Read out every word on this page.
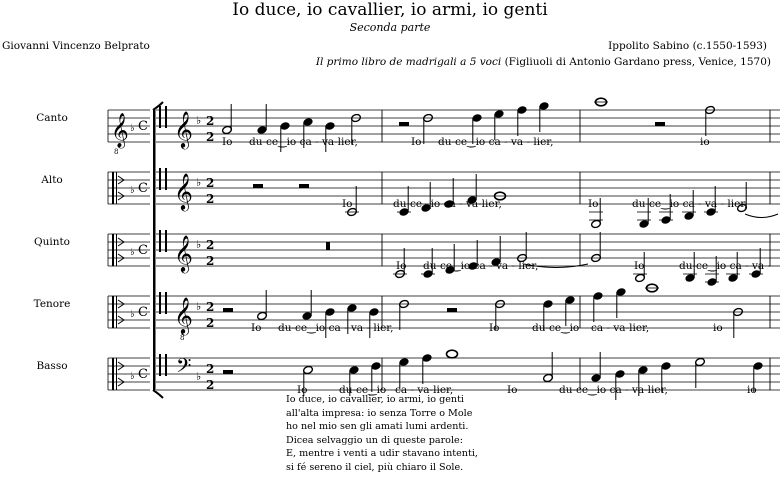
Io duce, io cavallier, io armi, io genti
Seconda parte
Giovanni Vincenzo Belprato	Ippolito Sabino (c.1550-1593)
Il primo libro de madrigali a 5 voci (Figliuoli di Antonio Gardano press, Venice, 1570)
Canto
Alto
Quinto
Tenore
Basso
𝄞
8
♭ C 𝄞 ♭ 2
2
♭ C 𝄞 ♭ 2
2
♭ C 𝄞 ♭ 2
2
♭ C 𝄞
8
♭ 2
2
♭ C 𝄢 ♭
2
2
Io du-ce‿io ca - va-lier,	Io du-ce‿io ca - va - lier,	io
Io	du-ce‿io ca - va-lier,	Io	du-ce‿io ca - va - lier,
Io du-ce‿io ca - va - lier,	Io	du-ce‿io ca - va -
Io du-ce‿io ca - va - lier,	Io	du-ce‿io ca - va-lier,	io
Io	du-ce‿io ca - va-lier,	Io	du-ce‿io ca - va-lier,	io
Io duce, io cavallier, io armi, io genti
all'alta impresa: io senza Torre o Mole
ho nel mio sen gli amati lumi ardenti.
Dicea selvaggio un di queste parole:
E, mentre i venti a udir stavano intenti,
si fé sereno il ciel, più chiaro il Sole.
